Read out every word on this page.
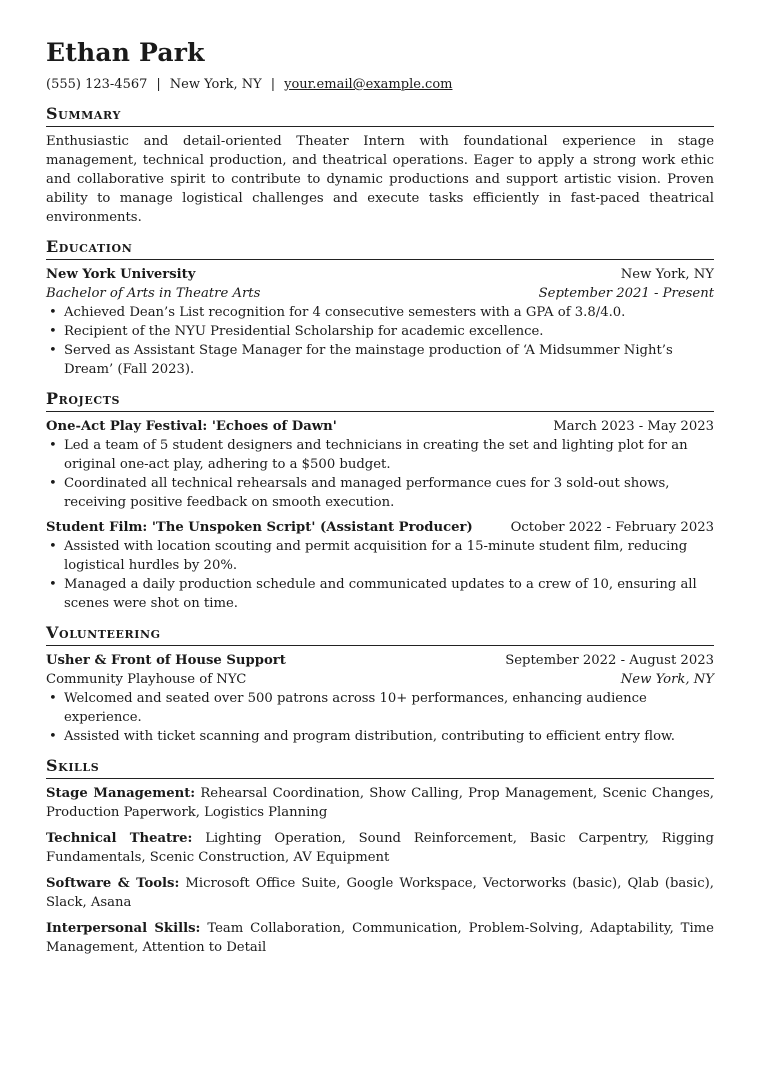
Ethan Park
(555) 123-4567 | New York, NY | your.email@example.com
Summary

Enthusiastic and detail-oriented Theater Intern with foundational experience in stage management, technical production, and theatrical operations. Eager to apply a strong work ethic and collaborative spirit to contribute to dynamic productions and support artistic vision. Proven ability to manage logistical challenges and execute tasks efficiently in fast-paced theatrical environments.

Education
New York University	New York, NY
Bachelor of Arts in Theatre Arts	September 2021 - Present
• Achieved Dean’s List recognition for 4 consecutive semesters with a GPA of 3.8/4.0.
• Recipient of the NYU Presidential Scholarship for academic excellence.
• Served as Assistant Stage Manager for the mainstage production of ‘A Midsummer Night’s Dream’ (Fall 2023).
Projects
One-Act Play Festival: 'Echoes of Dawn'	March 2023 - May 2023
• Led a team of 5 student designers and technicians in creating the set and lighting plot for an original one-act play, adhering to a $500 budget.
• Coordinated all technical rehearsals and managed performance cues for 3 sold-out shows, receiving positive feedback on smooth execution.
Student Film: 'The Unspoken Script' (Assistant Producer)	October 2022 - February 2023
• Assisted with location scouting and permit acquisition for a 15-minute student film, reducing logistical hurdles by 20%.
• Managed a daily production schedule and communicated updates to a crew of 10, ensuring all scenes were shot on time.
Volunteering
Usher & Front of House Support	September 2022 - August 2023
Community Playhouse of NYC	New York, NY
• Welcomed and seated over 500 patrons across 10+ performances, enhancing audience experience.
• Assisted with ticket scanning and program distribution, contributing to efficient entry flow.
Skills

Stage Management: Rehearsal Coordination, Show Calling, Prop Management, Scenic Changes, Production Paperwork, Logistics Planning

Technical Theatre: Lighting Operation, Sound Reinforcement, Basic Carpentry, Rigging Fundamentals, Scenic Construction, AV Equipment

Software & Tools: Microsoft Office Suite, Google Workspace, Vectorworks (basic), Qlab (basic), Slack, Asana

Interpersonal Skills: Team Collaboration, Communication, Problem-Solving, Adaptability, Time Management, Attention to Detail
